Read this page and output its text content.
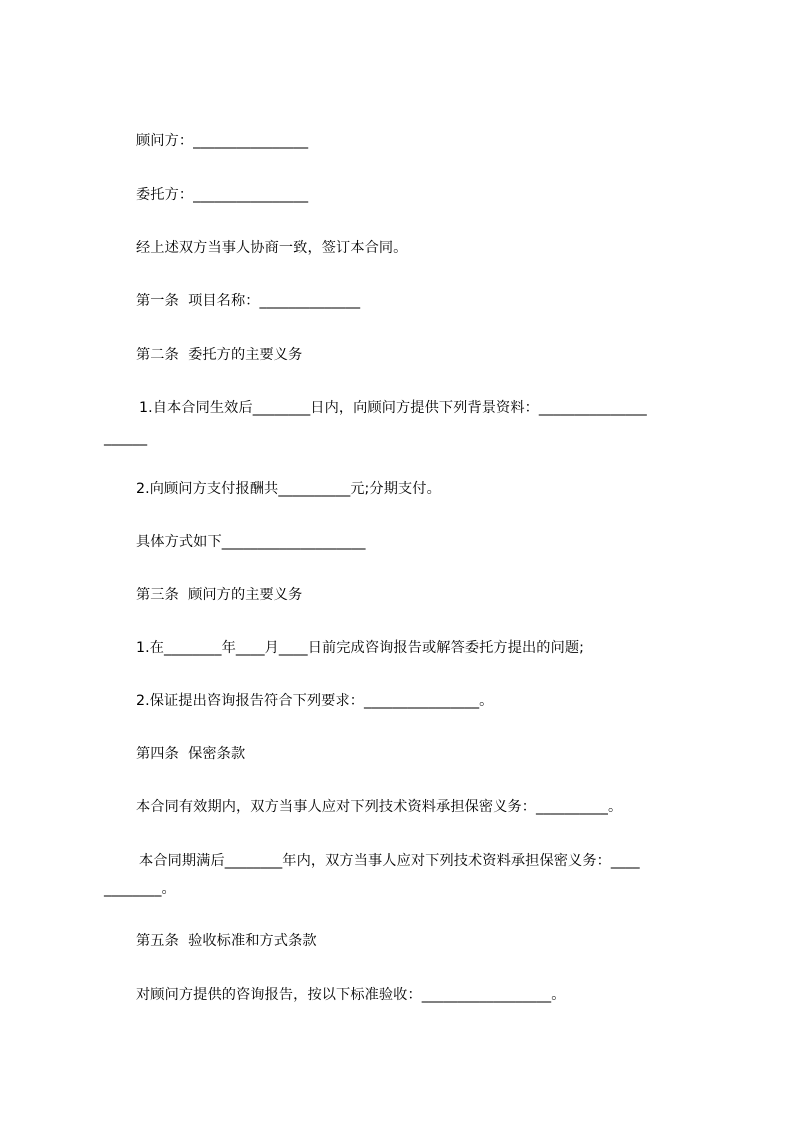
顾问方：________________
委托方：________________
经上述双方当事人协商一致，签订本合同。
第一条  项目名称：______________
第二条  委托方的主要义务
1.自本合同生效后________日内，向顾问方提供下列背景资料：_______________
______
2.向顾问方支付报酬共__________元;分期支付。
具体方式如下____________________
第三条  顾问方的主要义务
1.在________年____月____日前完成咨询报告或解答委托方提出的问题;
2.保证提出咨询报告符合下列要求：________________。
第四条  保密条款
本合同有效期内，双方当事人应对下列技术资料承担保密义务：__________。
本合同期满后________年内，双方当事人应对下列技术资料承担保密义务：____
________。
第五条  验收标准和方式条款
对顾问方提供的咨询报告，按以下标准验收：__________________。
